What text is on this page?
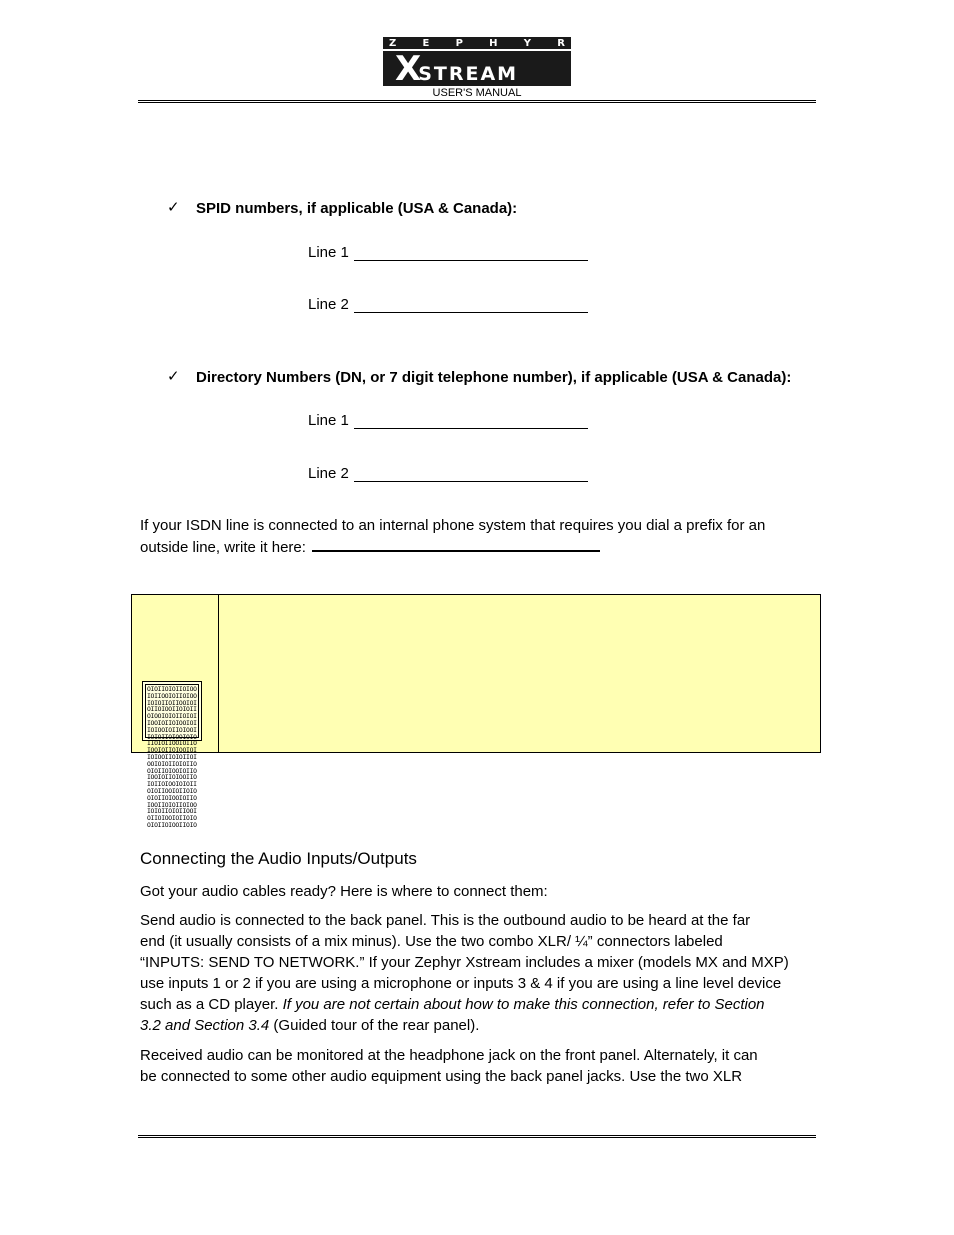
Z	E	P	H	Y	R
X
STREAM
USER'S MANUAL
✓ SPID numbers, if applicable (USA & Canada):
Line 1
Line 2
✓ Directory Numbers (DN, or 7 digit telephone number), if applicable (USA & Canada):
Line 1
Line 2
If your ISDN line is connected to an internal phone system that requires you dial a prefix for an
outside line, write it here:
OIOIIOIOIIOIOOIOIIOOIOIIOIOOIOIOIIOIIOOIOIOIIOIOOIIOIOIIOIOOIOIOIIOIOIIOOIOIIOIOOIOIIOIOOIOIIOIOOIIOIOIIOIOOIOIOIIOIOIIOOIOIIOIOOIOIIOIOOIOIIOIOOIIOIOIIOIOOIOIOIIOIOIIOOIOIIOIOOIOIIOIOOIOIIOIOOIIOIOIIOIOOIOIOIIOIOIIOOIOIIOIOOIOIIOIOOIOIIOIOOIIOIOIIOIOOIOIOIIOIOIIOOIOIIOIOOIOIIOIOOIOIIOIOOIIOIO
Connecting the Audio Inputs/Outputs
Got your audio cables ready? Here is where to connect them:
Send audio is connected to the back panel. This is the outbound audio to be heard at the far
end (it usually consists of a mix minus). Use the two combo XLR/ ¼” connectors labeled
“INPUTS: SEND TO NETWORK.” If your Zephyr Xstream includes a mixer (models MX and MXP)
use inputs 1 or 2 if you are using a microphone or inputs 3 & 4 if you are using a line level device
such as a CD player. If you are not certain about how to make this connection, refer to Section
3.2 and Section 3.4 (Guided tour of the rear panel).
Received audio can be monitored at the headphone jack on the front panel. Alternately, it can
be connected to some other audio equipment using the back panel jacks. Use the two XLR
